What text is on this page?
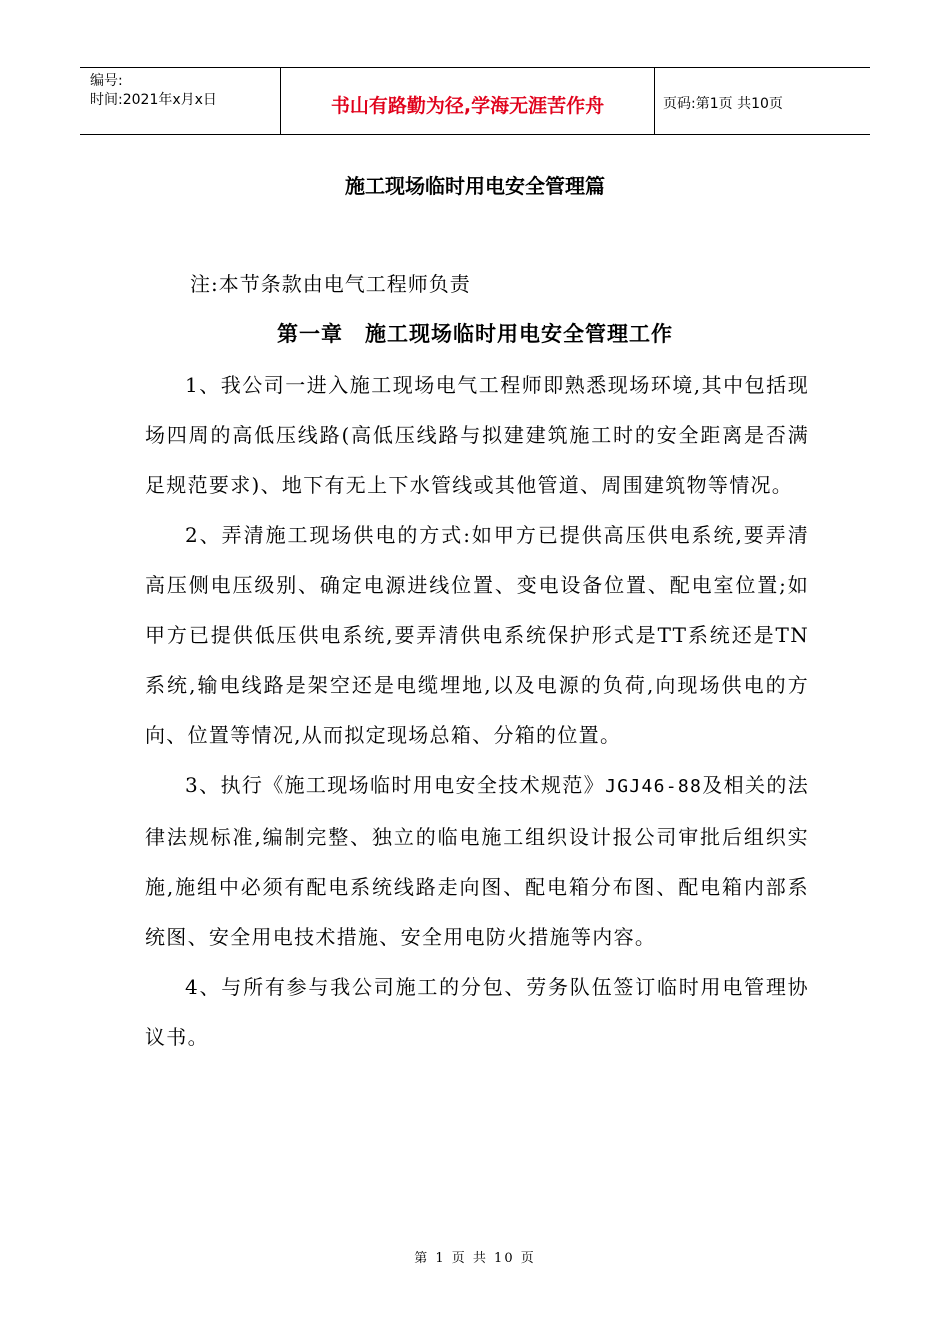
编号:
时间:2021年x月x日	书山有路勤为径,学海无涯苦作舟	页码:第1页 共10页
施工现场临时用电安全管理篇
注:本节条款由电气工程师负责
第一章 施工现场临时用电安全管理工作

1、我公司一进入施工现场电气工程师即熟悉现场环境,其中包括现场四周的高低压线路(高低压线路与拟建建筑施工时的安全距离是否满足规范要求)、地下有无上下水管线或其他管道、周围建筑物等情况。

2、弄清施工现场供电的方式:如甲方已提供高压供电系统,要弄清高压侧电压级别、确定电源进线位置、变电设备位置、配电室位置;如甲方已提供低压供电系统,要弄清供电系统保护形式是TT系统还是TN系统,输电线路是架空还是电缆埋地,以及电源的负荷,向现场供电的方向、位置等情况,从而拟定现场总箱、分箱的位置。

3、执行《施工现场临时用电安全技术规范》JGJ46-88及相关的法律法规标准,编制完整、独立的临电施工组织设计报公司审批后组织实施,施组中必须有配电系统线路走向图、配电箱分布图、配电箱内部系统图、安全用电技术措施、安全用电防火措施等内容。

4、与所有参与我公司施工的分包、劳务队伍签订临时用电管理协议书。

第 1 页 共 10 页
